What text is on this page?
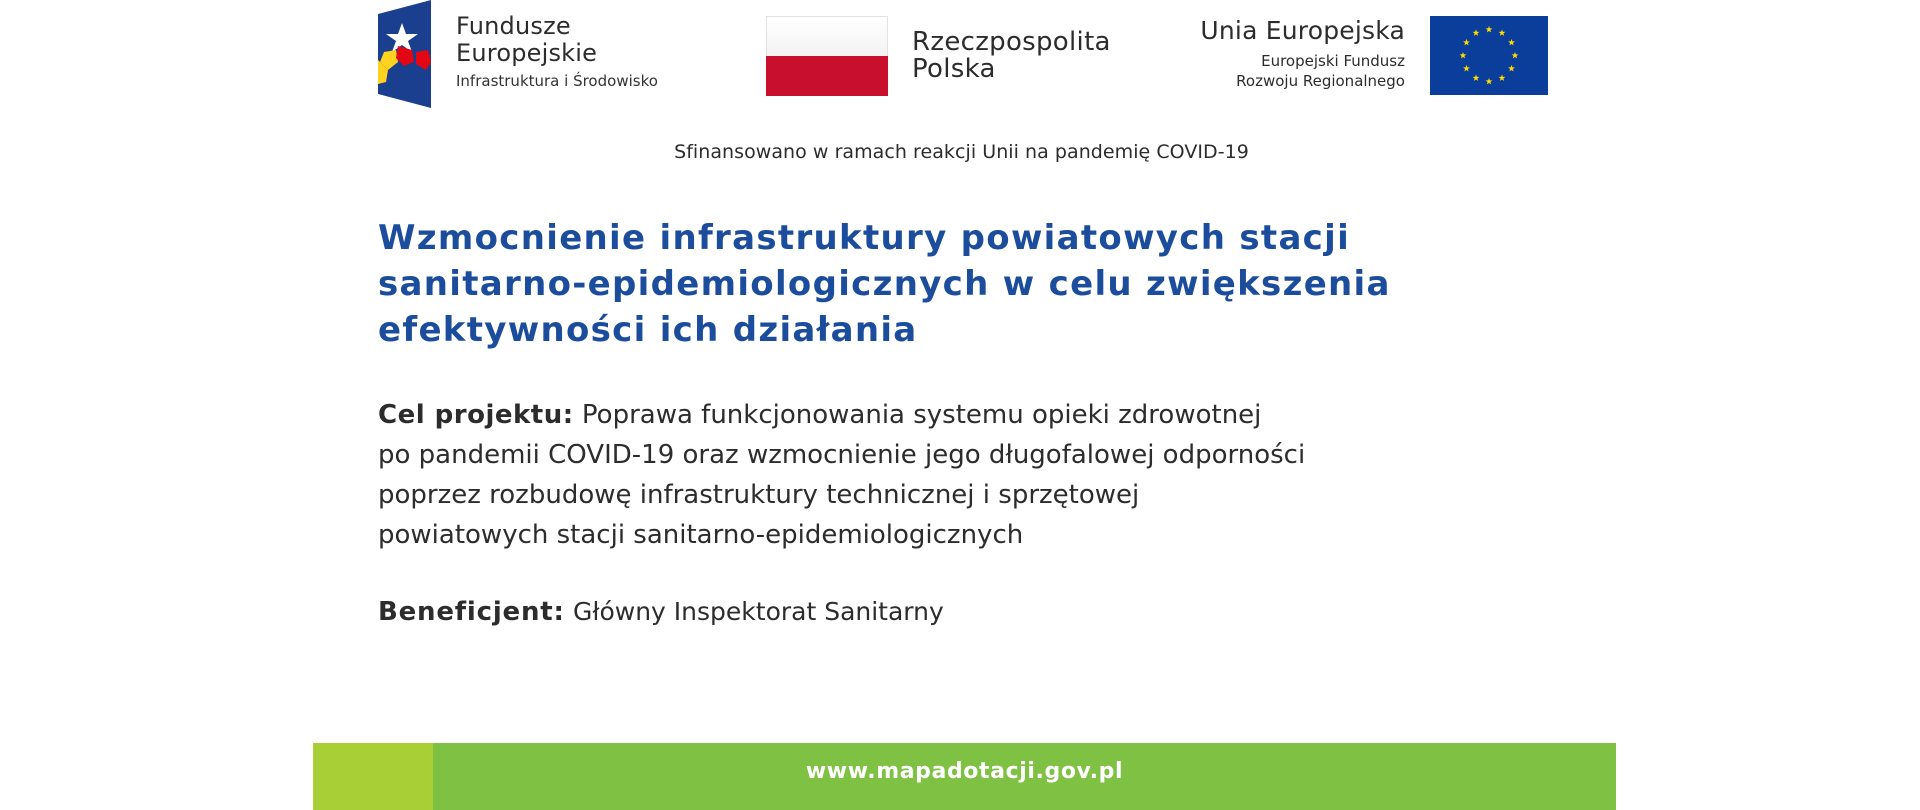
Fundusze
Europejskie
Infrastruktura i Środowisko
Rzeczpospolita
Polska
Unia Europejska
Europejski Fundusz
Rozwoju Regionalnego
Sfinansowano w ramach reakcji Unii na pandemię COVID-19
Wzmocnienie infrastruktury powiatowych stacji
sanitarno-epidemiologicznych w celu zwiększenia
efektywności ich działania
Cel projektu: Poprawa funkcjonowania systemu opieki zdrowotnej
po pandemii COVID-19 oraz wzmocnienie jego długofalowej odporności
poprzez rozbudowę infrastruktury technicznej i sprzętowej
powiatowych stacji sanitarno-epidemiologicznych
Beneficjent: Główny Inspektorat Sanitarny
www.mapadotacji.gov.pl
